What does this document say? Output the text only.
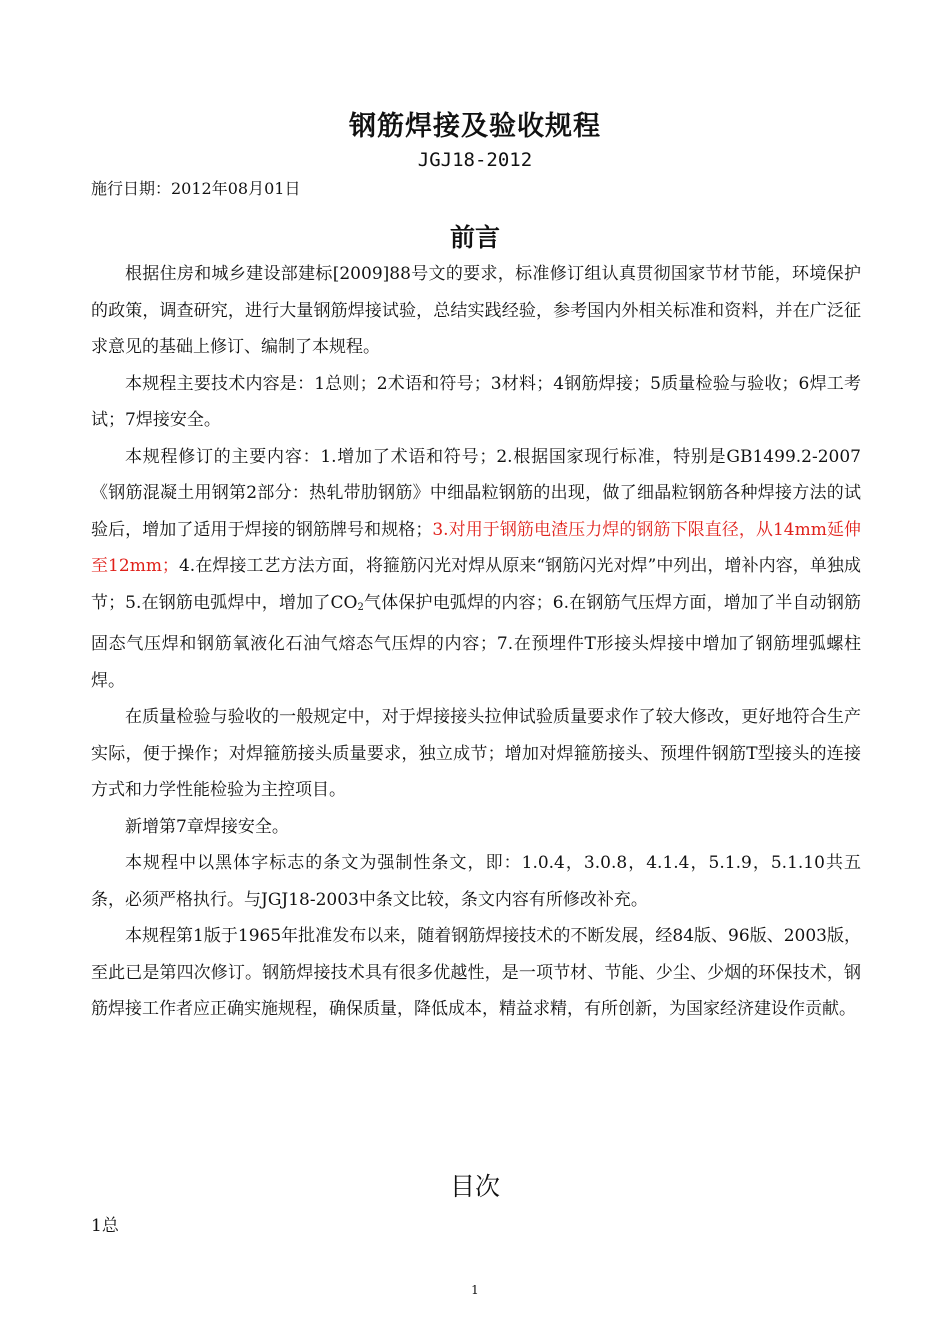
钢筋焊接及验收规程
JGJ18-2012
施行日期：2012年08月01日
前言

根据住房和城乡建设部建标[2009]88号文的要求，标准修订组认真贯彻国家节材节能，环境保护的政策，调查研究，进行大量钢筋焊接试验，总结实践经验，参考国内外相关标准和资料，并在广泛征求意见的基础上修订、编制了本规程。

本规程主要技术内容是：1总则；2术语和符号；3材料；4钢筋焊接；5质量检验与验收；6焊工考试；7焊接安全。

本规程修订的主要内容：1.增加了术语和符号；2.根据国家现行标准，特别是GB1499.2-2007《钢筋混凝土用钢第2部分：热轧带肋钢筋》中细晶粒钢筋的出现，做了细晶粒钢筋各种焊接方法的试验后，增加了适用于焊接的钢筋牌号和规格；3.对用于钢筋电渣压力焊的钢筋下限直径，从14mm延伸至12mm；4.在焊接工艺方法方面，将箍筋闪光对焊从原来“钢筋闪光对焊”中列出，增补内容，单独成节；5.在钢筋电弧焊中，增加了$CO_2$气体保护电弧焊的内容；6.在钢筋气压焊方面，增加了半自动钢筋固态气压焊和钢筋氧液化石油气熔态气压焊的内容；7.在预埋件T形接头焊接中增加了钢筋埋弧螺柱焊。

在质量检验与验收的一般规定中，对于焊接接头拉伸试验质量要求作了较大修改，更好地符合生产实际，便于操作；对焊箍筋接头质量要求，独立成节；增加对焊箍筋接头、预埋件钢筋T型接头的连接方式和力学性能检验为主控项目。

新增第7章焊接安全。

本规程中以黑体字标志的条文为强制性条文，即：1.0.4，3.0.8，4.1.4，5.1.9，5.1.10共五条，必须严格执行。与JGJ18-2003中条文比较，条文内容有所修改补充。

本规程第1版于1965年批准发布以来，随着钢筋焊接技术的不断发展，经84版、96版、2003版，至此已是第四次修订。钢筋焊接技术具有很多优越性，是一项节材、节能、少尘、少烟的环保技术，钢筋焊接工作者应正确实施规程，确保质量，降低成本，精益求精，有所创新，为国家经济建设作贡献。

目次
1总
1
